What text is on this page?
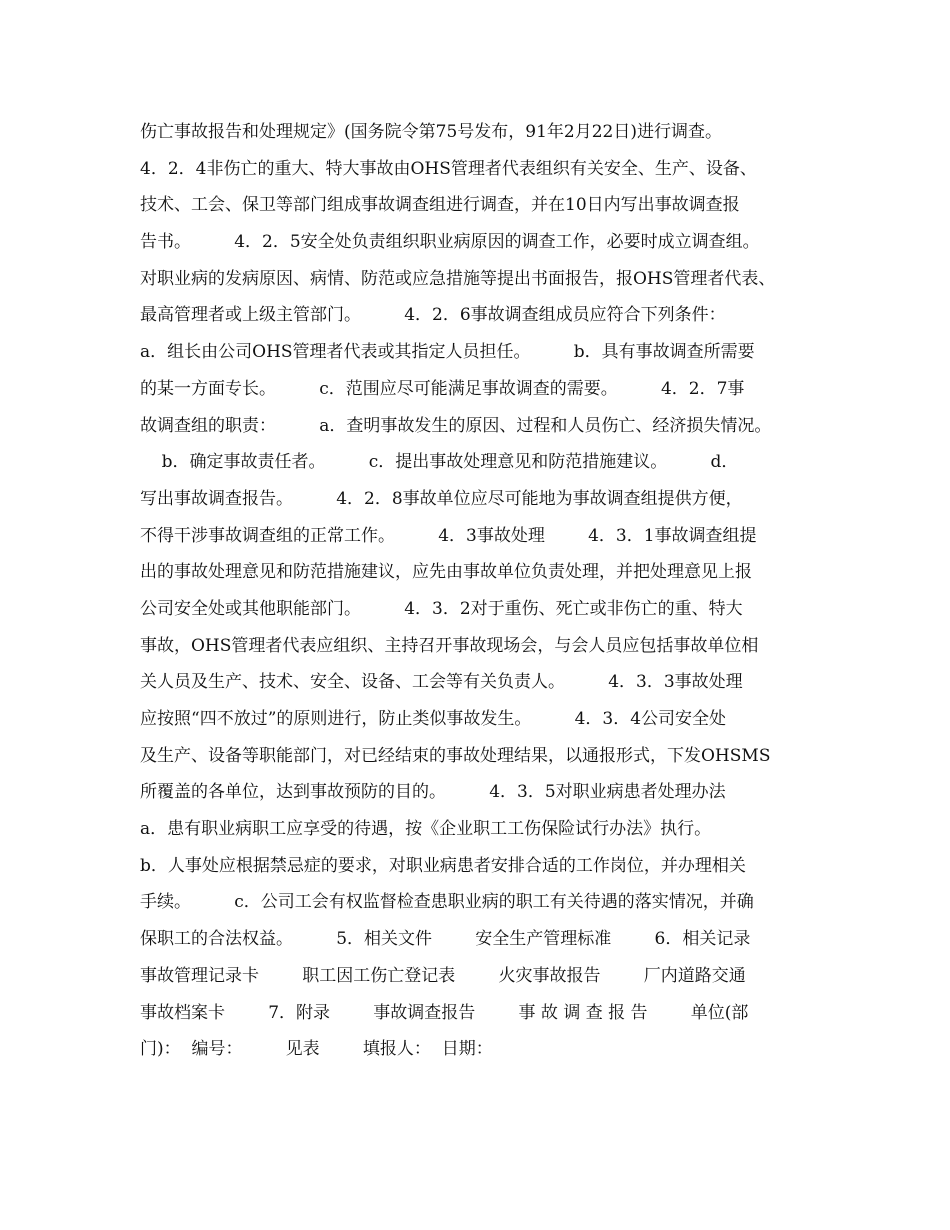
伤亡事故报告和处理规定》(国务院令第75号发布，91年2月22日)进行调查。
4．2．4非伤亡的重大、特大事故由OHS管理者代表组织有关安全、生产、设备、
技术、工会、保卫等部门组成事故调查组进行调查，并在10日内写出事故调查报
告书。        4．2．5安全处负责组织职业病原因的调查工作，必要时成立调查组。
对职业病的发病原因、病情、防范或应急措施等提出书面报告，报OHS管理者代表、
最高管理者或上级主管部门。        4．2．6事故调查组成员应符合下列条件：
a．组长由公司OHS管理者代表或其指定人员担任。        b．具有事故调查所需要
的某一方面专长。        c．范围应尽可能满足事故调查的需要。        4．2．7事
故调查组的职责：        a．查明事故发生的原因、过程和人员伤亡、经济损失情况。
b．确定事故责任者。        c．提出事故处理意见和防范措施建议。        d．
写出事故调查报告。        4．2．8事故单位应尽可能地为事故调查组提供方便，
不得干涉事故调查组的正常工作。        4．3事故处理        4．3．1事故调查组提
出的事故处理意见和防范措施建议，应先由事故单位负责处理，并把处理意见上报
公司安全处或其他职能部门。        4．3．2对于重伤、死亡或非伤亡的重、特大
事故，OHS管理者代表应组织、主持召开事故现场会，与会人员应包括事故单位相
关人员及生产、技术、安全、设备、工会等有关负责人。        4．3．3事故处理
应按照“四不放过”的原则进行，防止类似事故发生。        4．3．4公司安全处
及生产、设备等职能部门，对已经结束的事故处理结果，以通报形式，下发OHSMS
所覆盖的各单位，达到事故预防的目的。        4．3．5对职业病患者处理办法
a．患有职业病职工应享受的待遇，按《企业职工工伤保险试行办法》执行。
b．人事处应根据禁忌症的要求，对职业病患者安排合适的工作岗位，并办理相关
手续。        c．公司工会有权监督检查患职业病的职工有关待遇的落实情况，并确
保职工的合法权益。        5．相关文件        安全生产管理标准        6．相关记录
事故管理记录卡        职工因工伤亡登记表        火灾事故报告        厂内道路交通
事故档案卡        7．附录        事故调查报告        事 故 调 查 报 告        单位(部
门)：  编号：        见表        填报人：  日期：
